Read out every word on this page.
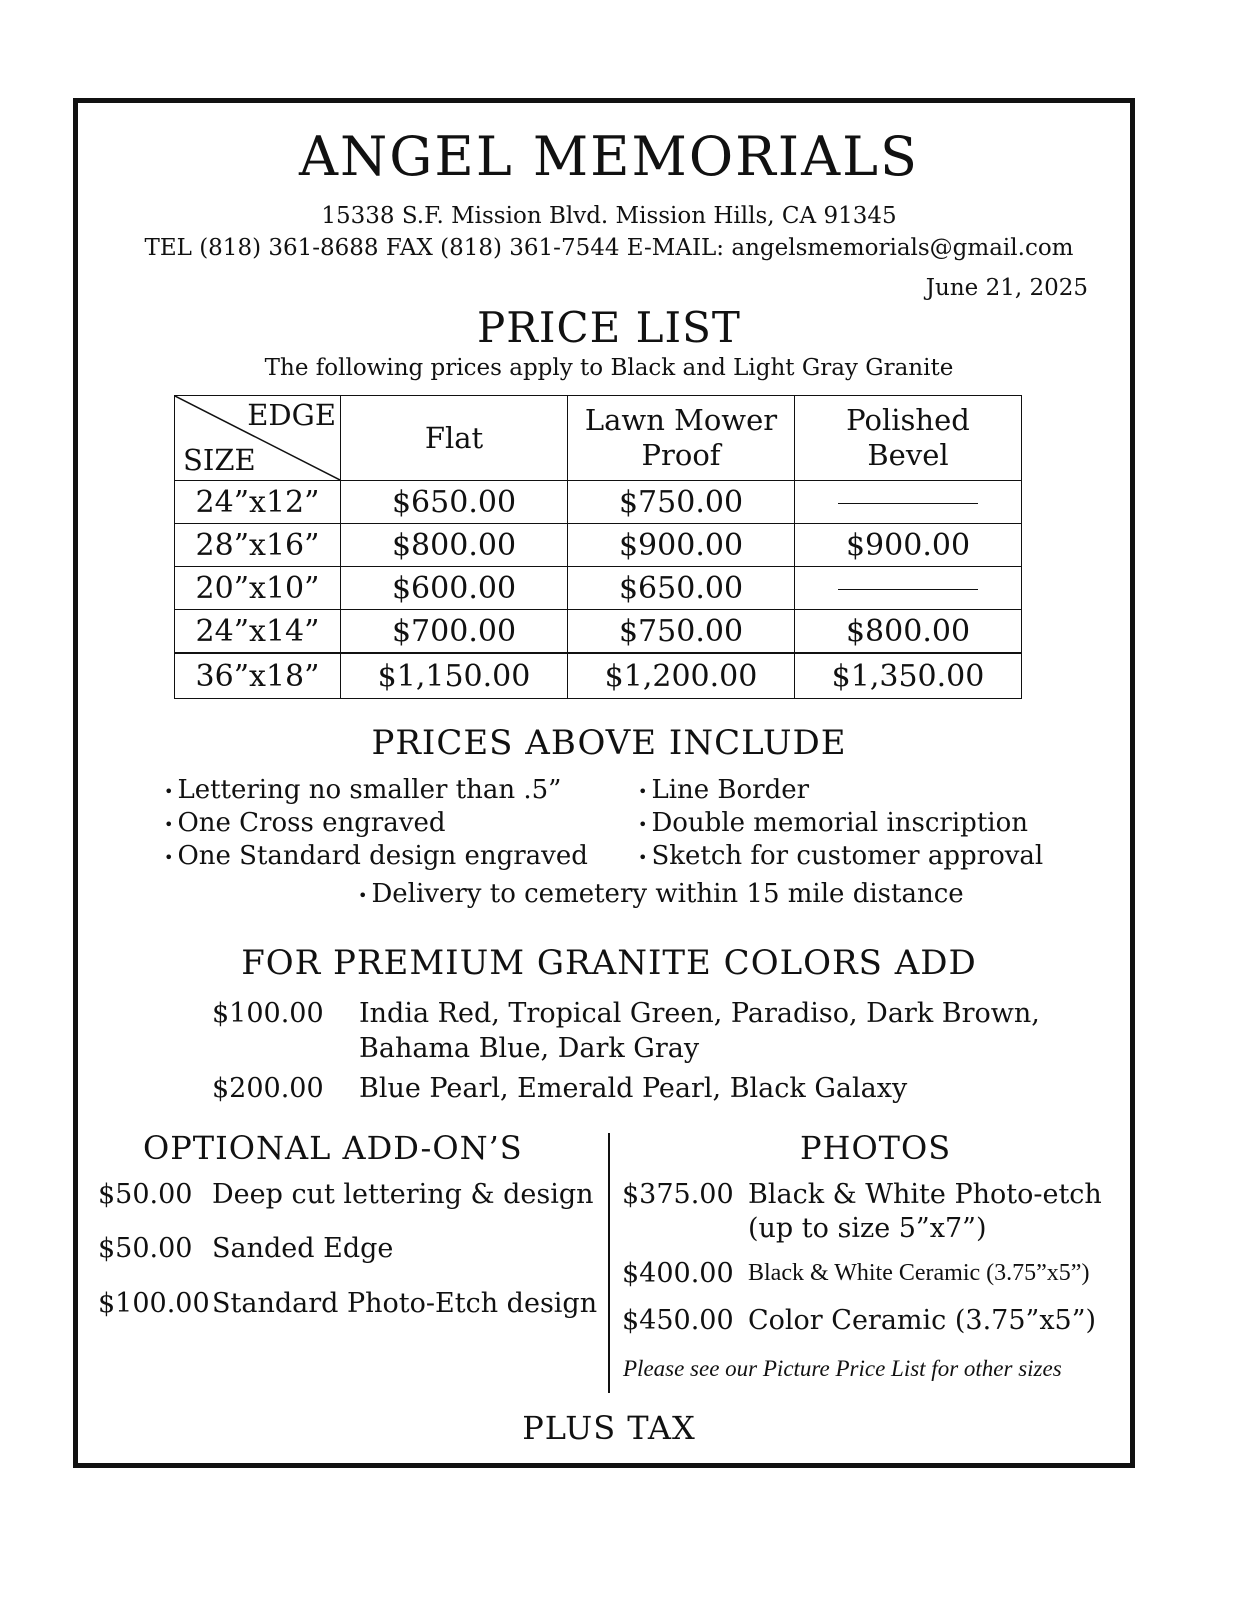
ANGEL MEMORIALS
15338 S.F. Mission Blvd. Mission Hills, CA 91345
TEL (818) 361-8688 FAX (818) 361-7544 E-MAIL: angelsmemorials@gmail.com
June 21, 2025
PRICE LIST
The following prices apply to Black and Light Gray Granite
EDGE
SIZE	Flat	Lawn Mower Proof	Polished Bevel
24”x12”	$650.00	$750.00	
28”x16”	$800.00	$900.00	$900.00
20”x10”	$600.00	$650.00	
24”x14”	$700.00	$750.00	$800.00
36”x18”	$1,150.00	$1,200.00	$1,350.00
PRICES ABOVE INCLUDE
• Lettering no smaller than .5”
• One Cross engraved
• One Standard design engraved
• Line Border
• Double memorial inscription
• Sketch for customer approval
• Delivery to cemetery within 15 mile distance
FOR PREMIUM GRANITE COLORS ADD
$100.00 India Red, Tropical Green, Paradiso, Dark Brown,
Bahama Blue, Dark Gray
$200.00 Blue Pearl, Emerald Pearl, Black Galaxy
OPTIONAL ADD-ON’S
$50.00 Deep cut lettering & design
$50.00 Sanded Edge
$100.00 Standard Photo-Etch design
PHOTOS
$375.00 Black & White Photo-etch
(up to size 5”x7”)
$400.00 Black & White Ceramic (3.75”x5”)
$450.00 Color Ceramic (3.75”x5”)
Please see our Picture Price List for other sizes
PLUS TAX
